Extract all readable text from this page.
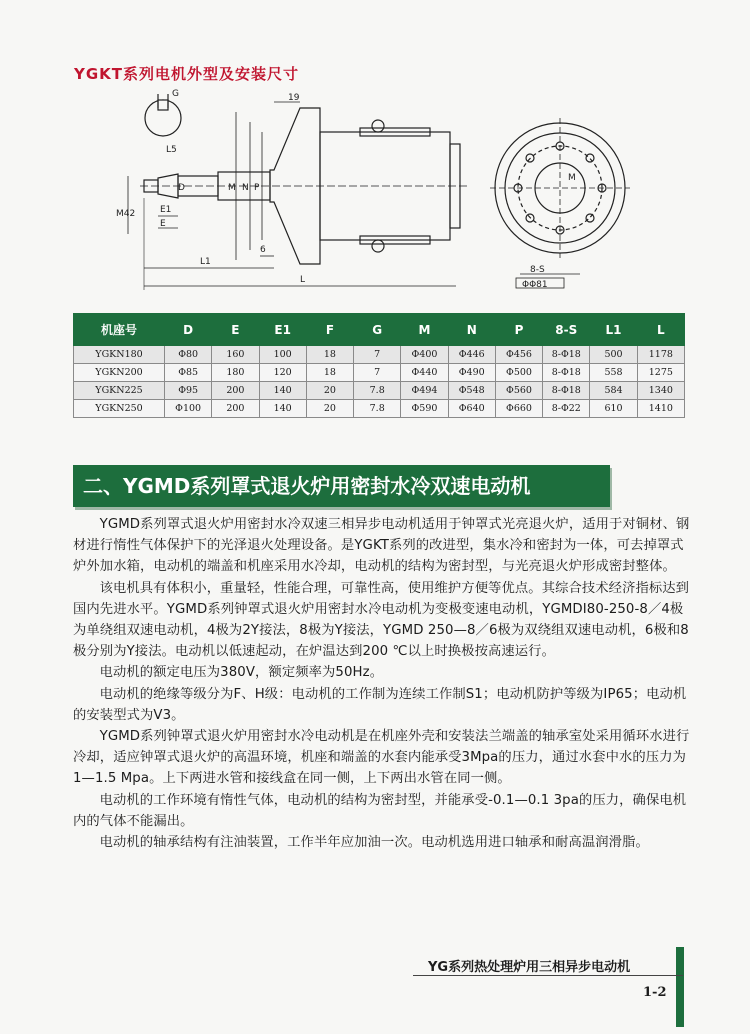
YGKT系列电机外型及安装尺寸
G
L5
D
E1
E
M42
L1
L
6
19
M N P
M
8-S
ΦΦ81
机座号	D	E	E1	F	G	M	N	P	8-S	L1	L
YGKN180	Φ80	160	100	18	7	Φ400	Φ446	Φ456	8-Φ18	500	1178
YGKN200	Φ85	180	120	18	7	Φ440	Φ490	Φ500	8-Φ18	558	1275
YGKN225	Φ95	200	140	20	7.8	Φ494	Φ548	Φ560	8-Φ18	584	1340
YGKN250	Φ100	200	140	20	7.8	Φ590	Φ640	Φ660	8-Φ22	610	1410
二、YGMD系列罩式退火炉用密封水冷双速电动机

YGMD系列罩式退火炉用密封水冷双速三相异步电动机适用于钟罩式光亮退火炉，适用于对铜材、钢材进行惰性气体保护下的光泽退火处理设备。是YGKT系列的改进型，集水冷和密封为一体，可去掉罩式炉外加水箱，电动机的端盖和机座采用水冷却，电动机的结构为密封型，与光亮退火炉形成密封整体。

该电机具有体积小，重量轻，性能合理，可靠性高，使用维护方便等优点。其综合技术经济指标达到国内先进水平。YGMD系列钟罩式退火炉用密封水冷电动机为变极变速电动机，YGMDI80-250-8／4极为单绕组双速电动机，4极为2Y接法，8极为Y接法，YGMD 250—8／6极为双绕组双速电动机，6极和8极分别为Y接法。电动机以低速起动，在炉温达到200 ℃以上时换极按高速运行。

电动机的额定电压为380V，额定频率为50Hz。

电动机的绝缘等级分为F、H级：电动机的工作制为连续工作制S1；电动机防护等级为IP65；电动机的安装型式为V3。

YGMD系列钟罩式退火炉用密封水冷电动机是在机座外壳和安装法兰端盖的轴承室处采用循环水进行冷却，适应钟罩式退火炉的高温环境，机座和端盖的水套内能承受3Mpa的压力，通过水套中水的压力为1—1.5 Mpa。上下两进水管和接线盒在同一侧，上下两出水管在同一侧。

电动机的工作环境有惰性气体，电动机的结构为密封型，并能承受-0.1—0.1 3pa的压力，确保电机内的气体不能漏出。

电动机的轴承结构有注油装置，工作半年应加油一次。电动机选用进口轴承和耐高温润滑脂。

YG系列热处理炉用三相异步电动机
1-2
